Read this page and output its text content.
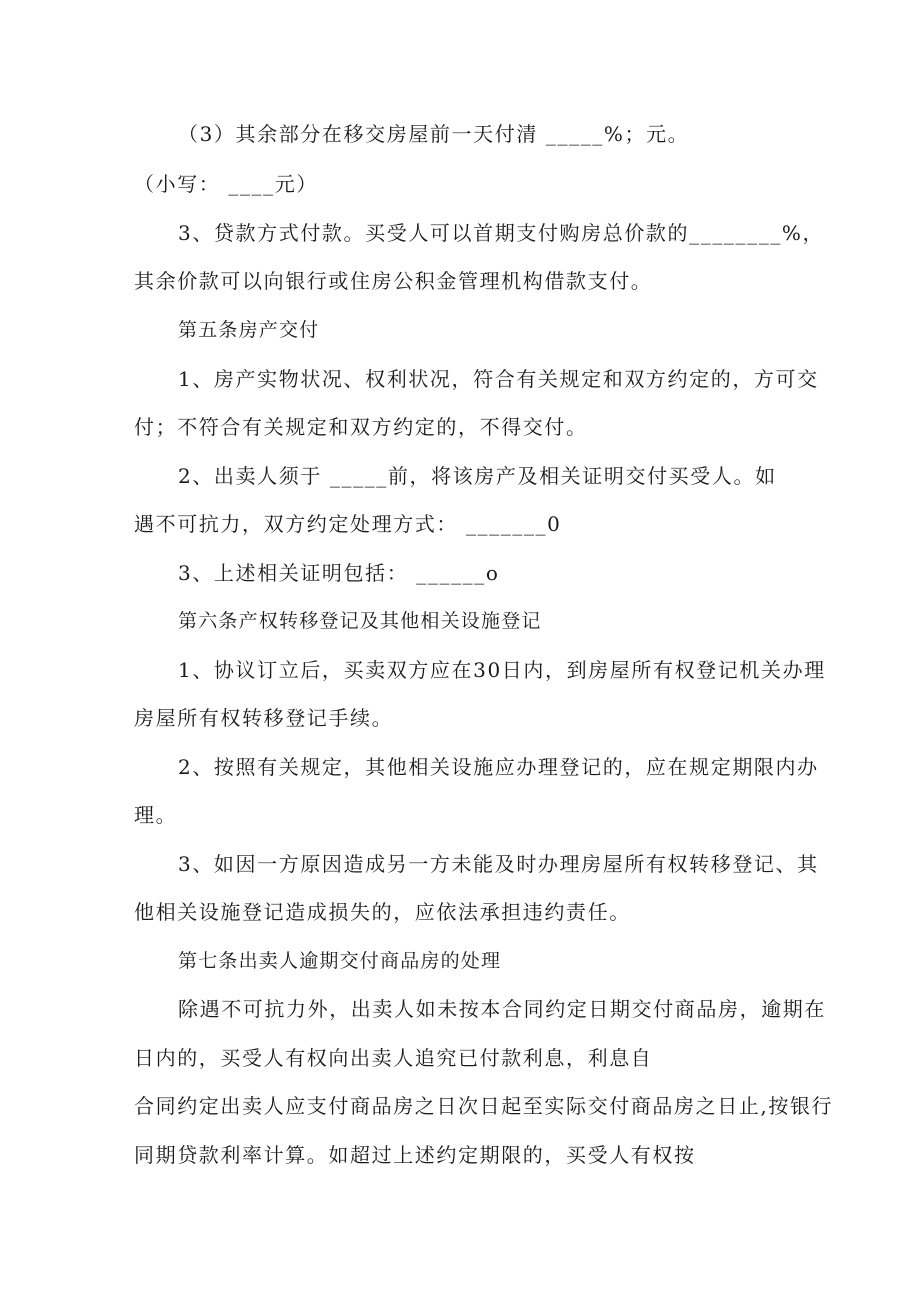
（3）其余部分在移交房屋前一天付清 _____%；元。
（小写： ____元）
3、贷款方式付款。买受人可以首期支付购房总价款的________%，
其余价款可以向银行或住房公积金管理机构借款支付。
第五条房产交付
1、房产实物状况、权利状况，符合有关规定和双方约定的，方可交
付；不符合有关规定和双方约定的，不得交付。
2、出卖人须于 _____前，将该房产及相关证明交付买受人。如
遇不可抗力，双方约定处理方式： _______0
3、上述相关证明包括： ______o
第六条产权转移登记及其他相关设施登记
1、协议订立后，买卖双方应在30日内，到房屋所有权登记机关办理
房屋所有权转移登记手续。
2、按照有关规定，其他相关设施应办理登记的，应在规定期限内办
理。
3、如因一方原因造成另一方未能及时办理房屋所有权转移登记、其
他相关设施登记造成损失的，应依法承担违约责任。
第七条出卖人逾期交付商品房的处理
除遇不可抗力外，出卖人如未按本合同约定日期交付商品房，逾期在
日内的，买受人有权向出卖人追究已付款利息，利息自
合同约定出卖人应支付商品房之日次日起至实际交付商品房之日止,按银行
同期贷款利率计算。如超过上述约定期限的，买受人有权按
